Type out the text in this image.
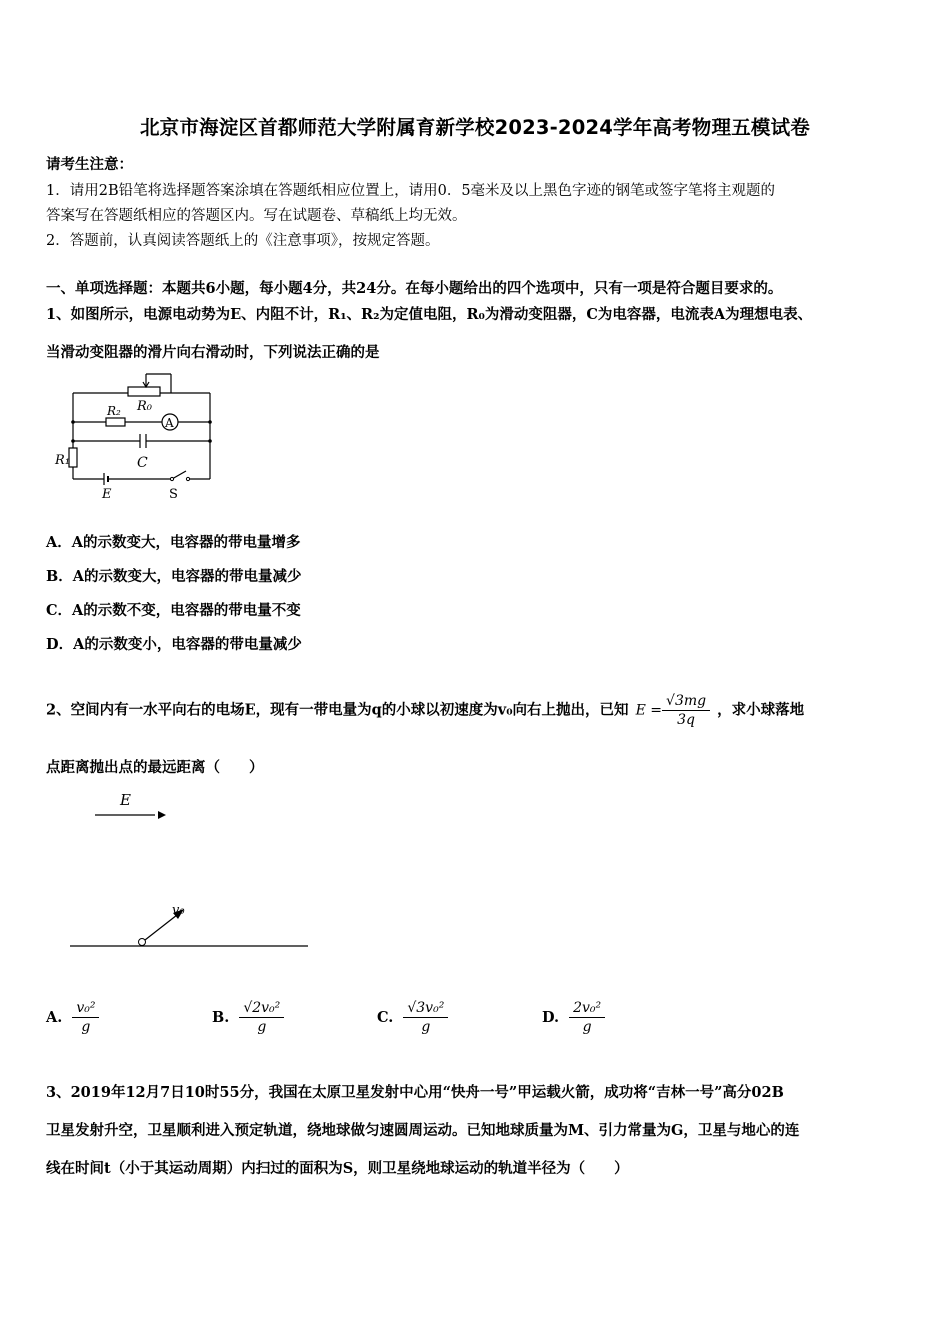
北京市海淀区首都师范大学附属育新学校2023-2024学年高考物理五模试卷
请考生注意：
1．请用2B铅笔将选择题答案涂填在答题纸相应位置上，请用0．5毫米及以上黑色字迹的钢笔或签字笔将主观题的
答案写在答题纸相应的答题区内。写在试题卷、草稿纸上均无效。
2．答题前，认真阅读答题纸上的《注意事项》，按规定答题。
一、单项选择题：本题共6小题，每小题4分，共24分。在每小题给出的四个选项中，只有一项是符合题目要求的。
1、如图所示，电源电动势为E、内阻不计，R₁、R₂为定值电阻，R₀为滑动变阻器，C为电容器，电流表A为理想电表、
当滑动变阻器的滑片向右滑动时，下列说法正确的是
R₀
R₂
A
C
R₁
E	S
A．A的示数变大，电容器的带电量增多
B．A的示数变大，电容器的带电量减少
C．A的示数不变，电容器的带电量不变
D．A的示数变小，电容器的带电量减少
2、空间内有一水平向右的电场E，现有一带电量为q的小球以初速度为v₀向右上抛出，已知 $E = \frac{√3mg}{3q}$ ，求小球落地
点距离抛出点的最远距离（　　）
E
v₀
A. $\frac{\text{v₀²}}{g}$	B. $\frac{\text{√2v₀²}}{g}$	C. $\frac{\text{√3v₀²}}{g}$	D. $\frac{\text{2v₀²}}{g}$
3、2019年12月7日10时55分，我国在太原卫星发射中心用“快舟一号”甲运载火箭，成功将“吉林一号”高分02B
卫星发射升空，卫星顺利进入预定轨道，绕地球做匀速圆周运动。已知地球质量为M、引力常量为G，卫星与地心的连
线在时间t（小于其运动周期）内扫过的面积为S，则卫星绕地球运动的轨道半径为（　　）
